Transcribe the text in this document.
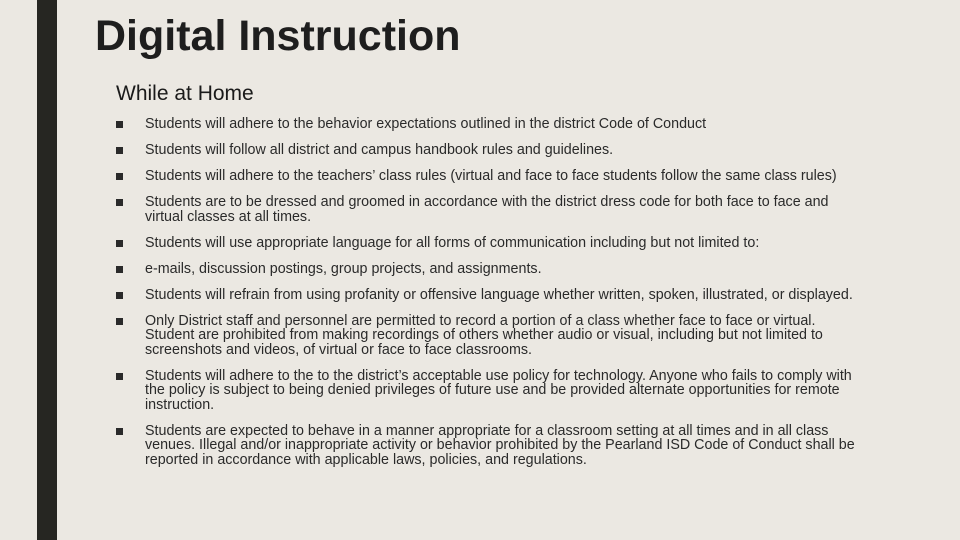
Digital Instruction
While at Home
Students will adhere to the behavior expectations outlined in the district Code of Conduct
Students will follow all district and campus handbook rules and guidelines.
Students will adhere to the teachers’ class rules (virtual and face to face students follow the same class rules)
Students are to be dressed and groomed in accordance with the district dress code for both face to face and virtual classes at all times.
Students will use appropriate language for all forms of communication including but not limited to:
e-mails, discussion postings, group projects, and assignments.
Students will refrain from using profanity or offensive language whether written, spoken, illustrated, or displayed.
Only District staff and personnel are permitted to record a portion of a class whether face to face or virtual. Student are prohibited from making recordings of others whether audio or visual, including but not limited to screenshots and videos, of virtual or face to face classrooms.
Students will adhere to the to the district’s acceptable use policy for technology. Anyone who fails to comply with the policy is subject to being denied privileges of future use and be provided alternate opportunities for remote instruction.
Students are expected to behave in a manner appropriate for a classroom setting at all times and in all class venues. Illegal and/or inappropriate activity or behavior prohibited by the Pearland ISD Code of Conduct shall be reported in accordance with applicable laws, policies, and regulations.
